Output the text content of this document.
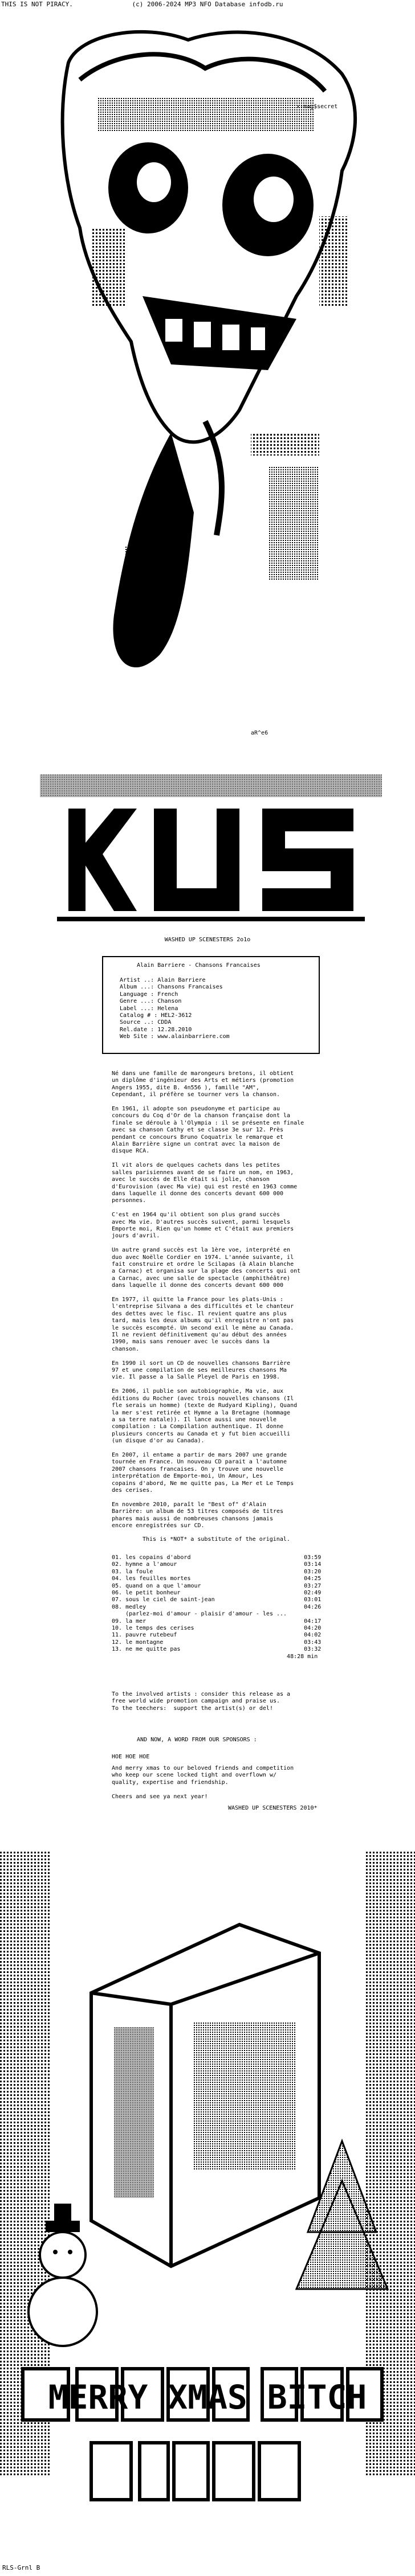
THIS IS NOT PIRACY.	(c) 2006-2024 MP3 NFO Database infodb.ru
x-mag$secret
aR^e6
MERRY XMAS BITCH
WASHED UP SCENESTERS 2o1o
Alain Barriere - Chansons Francaises
Artist ..: Alain Barriere
Album ...: Chansons Francaises
Language : French
Genre ...: Chanson
Label ...: Helena
Catalog # : HEL2-3612
Source ..: CDDA
Rel.date : 12.28.2010
Web Site : www.alainbarriere.com
Né dans une famille de marongeurs bretons, il obtient
un diplôme d'ingénieur des Arts et métiers (promotion
Angers 1955, dite B. 4n556 ), famille "AM",
Cependant, il préfère se tourner vers la chanson.

En 1961, il adopte son pseudonyme et participe au
concours du Coq d'Or de la chanson française dont la
finale se déroule à l'Olympia : il se présente en finale
avec sa chanson Cathy et se classe 3e sur 12. Près
pendant ce concours Bruno Coquatrix le remarque et
Alain Barrière signe un contrat avec la maison de
disque RCA.

Il vit alors de quelques cachets dans les petites
salles parisiennes avant de se faire un nom, en 1963,
avec le succès de Elle était si jolie, chanson
d'Eurovision (avec Ma vie) qui est resté en 1963 comme
dans laquelle il donne des concerts devant 600 000
personnes.

C'est en 1964 qu'il obtient son plus grand succès
avec Ma vie. D'autres succès suivent, parmi lesquels
Emporte moi, Rien qu'un homme et C'était aux premiers
jours d'avril.

Un autre grand succès est la 1ère voe, interprété en
duo avec Noëlle Cordier en 1974. L'année suivante, il
fait construire et ordre le Scilapas (à Alain blanche
a Carnac) et organisa sur la plage des concerts qui ont
a Carnac, avec une salle de spectacle (amphithéâtre)
dans laquelle il donne des concerts devant 600 000

En 1977, il quitte la France pour les plats-Unis :
l'entreprise Silvana a des difficultés et le chanteur
des dettes avec le fisc. Il revient quatre ans plus
tard, mais les deux albums qu'il enregistre n'ont pas
le succès escompté. Un second exil le mène au Canada.
Il ne revient définitivement qu'au début des années
1990, mais sans renouer avec le succès dans la
chanson.

En 1990 il sort un CD de nouvelles chansons Barrière
97 et une compilation de ses meilleures chansons Ma
vie. Il passe a la Salle Pleyel de Paris en 1998.

En 2006, il publie son autobiographie, Ma vie, aux
éditions du Rocher (avec trois nouvelles chansons (Il
fle serais un homme) (texte de Rudyard Kipling), Quand
la mer s'est retirée et Hymne a la Bretagne (hommage
a sa terre natale)). Il lance aussi une nouvelle
compilation : La Compilation authentique. Il donne
plusieurs concerts au Canada et y fut bien accueilli
(un disque d'or au Canada).

En 2007, il entame a partir de mars 2007 une grande
tournée en France. Un nouveau CD parait a l'automne
2007 chansons francaises. On y trouve une nouvelle
interprétation de Emporte-moi, Un Amour, Les
copains d'abord, Ne me quitte pas, La Mer et Le Temps
des cerises.

En novembre 2010, paraît le "Best of" d'Alain
Barrière: un album de 53 titres composés de titres
phares mais aussi de nombreuses chansons jamais
encore enregistrées sur CD.
This is *NOT* a substitute of the original.
01. les copains d'abord                                 03:59
02. hymne a l'amour                                     03:14
03. la foule                                            03:20
04. les feuilles mortes                                 04:25
05. quand on a que l'amour                              03:27
06. le petit bonheur                                    02:49
07. sous le ciel de saint-jean                          03:01
08. medley                                              04:26
(parlez-moi d'amour - plaisir d'amour - les ...
09. la mer                                              04:17
10. le temps des cerises                                04:20
11. pauvre rutebeuf                                     04:02
12. le montagne                                         03:43
13. ne me quitte pas                                    03:32
48:28 min
To the involved artists : consider this release as a
free world wide promotion campaign and praise us.
To the teechers:  support the artist(s) or del!
AND NOW, A WORD FROM OUR SPONSORS :
HOE HOE HOE
And merry xmas to our beloved friends and competition
who keep our scene locked tight and overflown w/
quality, expertise and friendship.

Cheers and see ya next year!
WASHED UP SCENESTERS 2010*
RLS-Grnl B
